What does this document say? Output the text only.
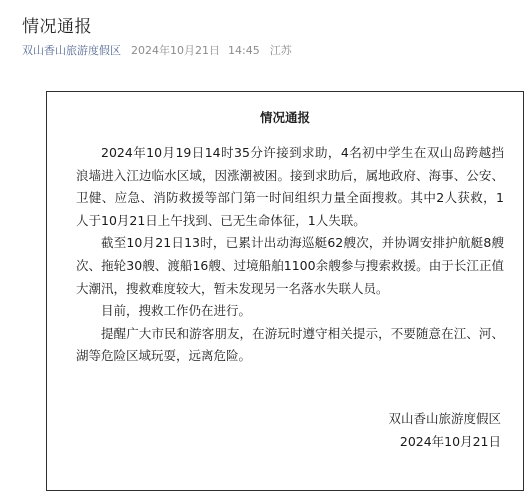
情况通报
双山香山旅游度假区 2024年10月21日 14:45 江苏
情况通报

2024年10月19日14时35分许接到求助，4名初中学生在双山岛跨越挡浪墙进入江边临水区域，因涨潮被困。接到求助后，属地政府、海事、公安、卫健、应急、消防救援等部门第一时间组织力量全面搜救。其中2人获救，1人于10月21日上午找到、已无生命体征，1人失联。

截至10月21日13时，已累计出动海巡艇62艘次，并协调安排护航艇8艘次、拖轮30艘、渡船16艘、过境船舶1100余艘参与搜索救援。由于长江正值大潮汛，搜救难度较大，暂未发现另一名落水失联人员。

目前，搜救工作仍在进行。

提醒广大市民和游客朋友，在游玩时遵守相关提示，不要随意在江、河、湖等危险区域玩耍，远离危险。

双山香山旅游度假区
2024年10月21日
